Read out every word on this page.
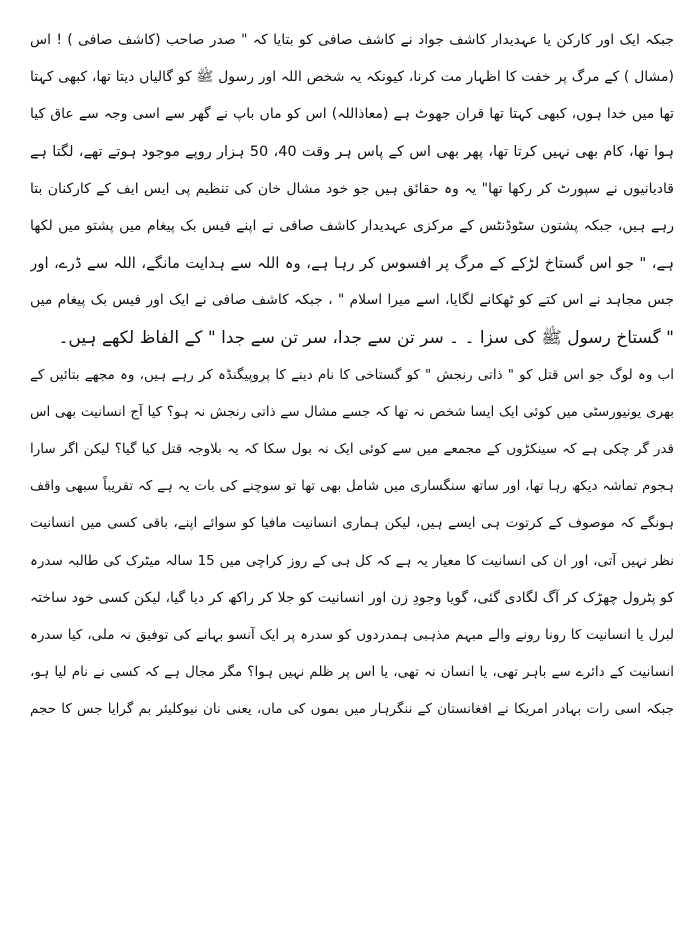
جبکہ ایک اور کارکن یا عہدیدار کاشف جواد نے کاشف صافی کو بتایا کہ " صدر صاحب (کاشف صافی ) ! اس
(مشال ) کے مرگ پر خفت کا اظہار مت کرنا، کیونکہ یہ شخص اللہ اور رسول ﷺ کو گالیاں دیتا تھا، کبھی کہتا
تھا میں خدا ہوں، کبھی کہتا تھا قران جھوٹ ہے (معاذاللہ) اس کو ماں باپ نے گھر سے اسی وجہ سے عاق کیا
ہوا تھا، کام بھی نہیں کرتا تھا، پھر بھی اس کے پاس ہر وقت 40، 50 ہزار روپے موجود ہوتے تھے، لگتا ہے
قادیانیوں نے سپورٹ کر رکھا تھا" یہ وہ حقائق ہیں جو خود مشال خان کی تنظیم پی ایس ایف کے کارکنان بتا
رہے ہیں، جبکہ پشتون سٹوڈنٹس کے مرکزی عہدیدار کاشف صافی نے اپنے فیس بک پیغام میں پشتو میں لکھا
ہے، " جو اس گستاخ لڑکے کے مرگ پر افسوس کر رہا ہے، وہ اللہ سے ہدایت مانگے، اللہ سے ڈرے، اور
جس مجاہد نے اس کتے کو ٹھکانے لگایا، اسے میرا اسلام " ، جبکہ کاشف صافی نے ایک اور فیس بک پیغام میں
" گستاخ رسول ﷺ کی سزا ۔ ۔ سر تن سے جدا، سر تن سے جدا " کے الفاظ لکھے ہیں۔
اب وہ لوگ جو اس قتل کو " ذاتی رنجش " کو گستاخی کا نام دینے کا پروپیگنڈہ کر رہے ہیں، وہ مجھے بتائیں کے
بھری یونیورسٹی میں کوئی ایک ایسا شخص نہ تھا کہ جسے مشال سے ذاتی رنجش نہ ہو؟ کیا آج انسانیت بھی اس
قدر گر چکی ہے کہ سینکڑوں کے مجمعے میں سے کوئی ایک نہ بول سکا کہ یہ بلاوجہ قتل کیا گیا؟ لیکن اگر سارا
ہجوم تماشہ دیکھ رہا تھا، اور ساتھ سنگساری میں شامل بھی تھا تو سوچنے کی بات یہ ہے کہ تقریباً سبھی واقف
ہونگے کہ موصوف کے کرتوت ہی ایسے ہیں، لیکن ہماری انسانیت مافیا کو سوائے اپنے، باقی کسی میں انسانیت
نظر نہیں آتی، اور ان کی انسانیت کا معیار یہ ہے کہ کل ہی کے روز کراچی میں 15 سالہ میٹرک کی طالبہ سدرہ
کو پٹرول چھڑک کر آگ لگادی گئی، گویا وجودِ زن اور انسانیت کو جلا کر راکھ کر دیا گیا، لیکن کسی خود ساختہ
لبرل یا انسانیت کا رونا رونے والے مبہم مذہبی ہمدردوں کو سدرہ پر ایک آنسو بہانے کی توفیق نہ ملی، کیا سدرہ
انسانیت کے دائرے سے باہر تھی، یا انسان نہ تھی، یا اس پر ظلم نہیں ہوا؟ مگر مجال ہے کہ کسی نے نام لیا ہو،
جبکہ اسی رات بہادر امریکا نے افغانستان کے ننگرہار میں بموں کی ماں، یعنی نان نیوکلیئر بم گرایا جس کا حجم
